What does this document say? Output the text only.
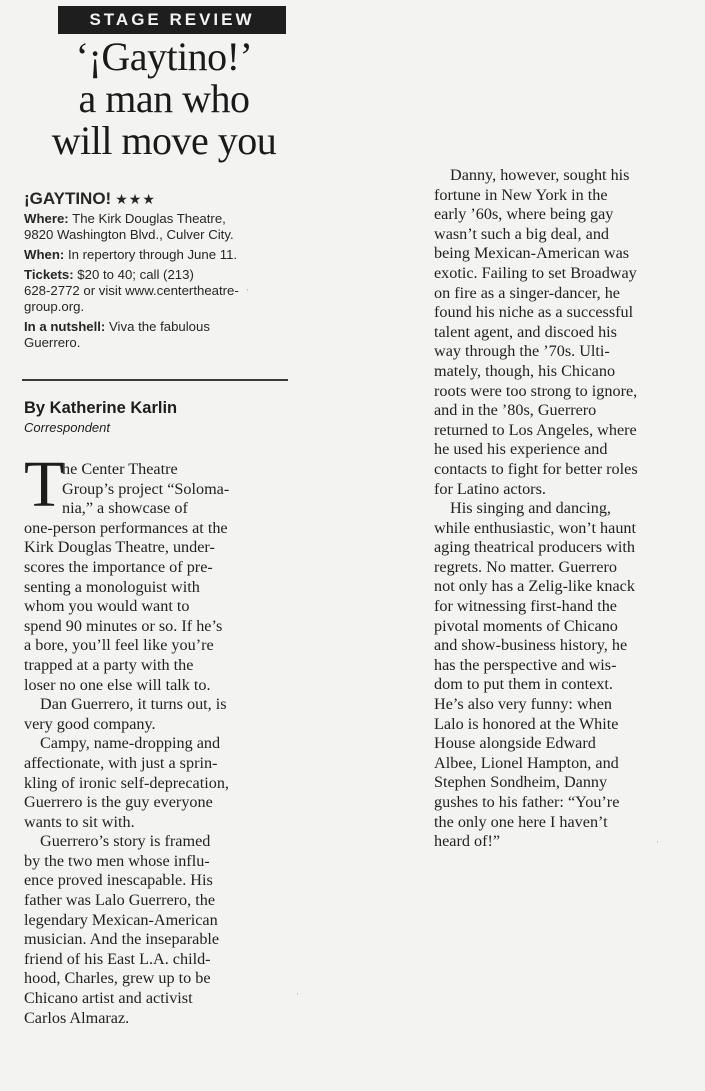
STAGE REVIEW
‘¡Gaytino!’
a man who
will move you
¡GAYTINO! ★★★

Where: The Kirk Douglas Theatre,
9820 Washington Blvd., Culver City.

When: In repertory through June 11.

Tickets: $20 to 40; call (213)
628-2772 or visit www.centertheatre-
group.org.

In a nutshell: Viva the fabulous
Guerrero.

By Katherine Karlin
Correspondent
T
he Center Theatre
Group’s project “Soloma-
nia,” a showcase of

one-person performances at the
Kirk Douglas Theatre, under-
scores the importance of pre-
senting a monologuist with
whom you would want to
spend 90 minutes or so. If he’s
a bore, you’ll feel like you’re
trapped at a party with the
loser no one else will talk to.

Dan Guerrero, it turns out, is
very good company.

Campy, name-dropping and
affectionate, with just a sprin-
kling of ironic self-deprecation,
Guerrero is the guy everyone
wants to sit with.

Guerrero’s story is framed
by the two men whose influ-
ence proved inescapable. His
father was Lalo Guerrero, the
legendary Mexican-American
musician. And the inseparable
friend of his East L.A. child-
hood, Charles, grew up to be
Chicano artist and activist
Carlos Almaraz.

Danny, however, sought his
fortune in New York in the
early ’60s, where being gay
wasn’t such a big deal, and
being Mexican-American was
exotic. Failing to set Broadway
on fire as a singer-dancer, he
found his niche as a successful
talent agent, and discoed his
way through the ’70s. Ulti-
mately, though, his Chicano
roots were too strong to ignore,
and in the ’80s, Guerrero
returned to Los Angeles, where
he used his experience and
contacts to fight for better roles
for Latino actors.

His singing and dancing,
while enthusiastic, won’t haunt
aging theatrical producers with
regrets. No matter. Guerrero
not only has a Zelig-like knack
for witnessing first-hand the
pivotal moments of Chicano
and show-business history, he
has the perspective and wis-
dom to put them in context.
He’s also very funny: when
Lalo is honored at the White
House alongside Edward
Albee, Lionel Hampton, and
Stephen Sondheim, Danny
gushes to his father: “You’re
the only one here I haven’t
heard of!”

·
·
·
